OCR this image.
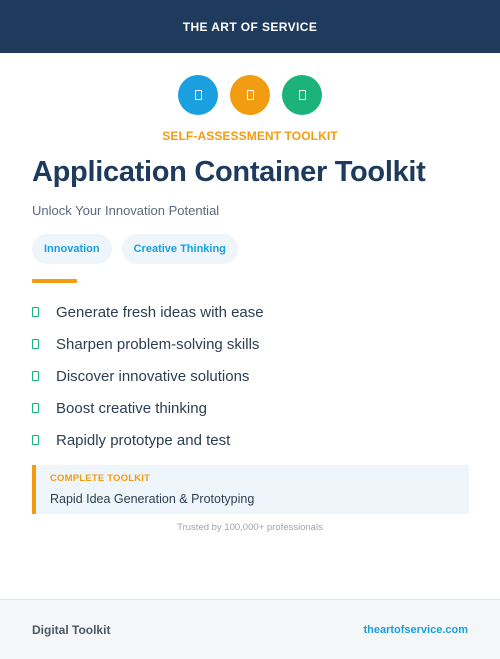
THE ART OF SERVICE
SELF-ASSESSMENT TOOLKIT
Application Container Toolkit
Unlock Your Innovation Potential
Innovation	Creative Thinking
Generate fresh ideas with ease
Sharpen problem-solving skills
Discover innovative solutions
Boost creative thinking
Rapidly prototype and test
COMPLETE TOOLKIT
Rapid Idea Generation & Prototyping
Trusted by 100,000+ professionals
Digital Toolkit	theartofservice.com
